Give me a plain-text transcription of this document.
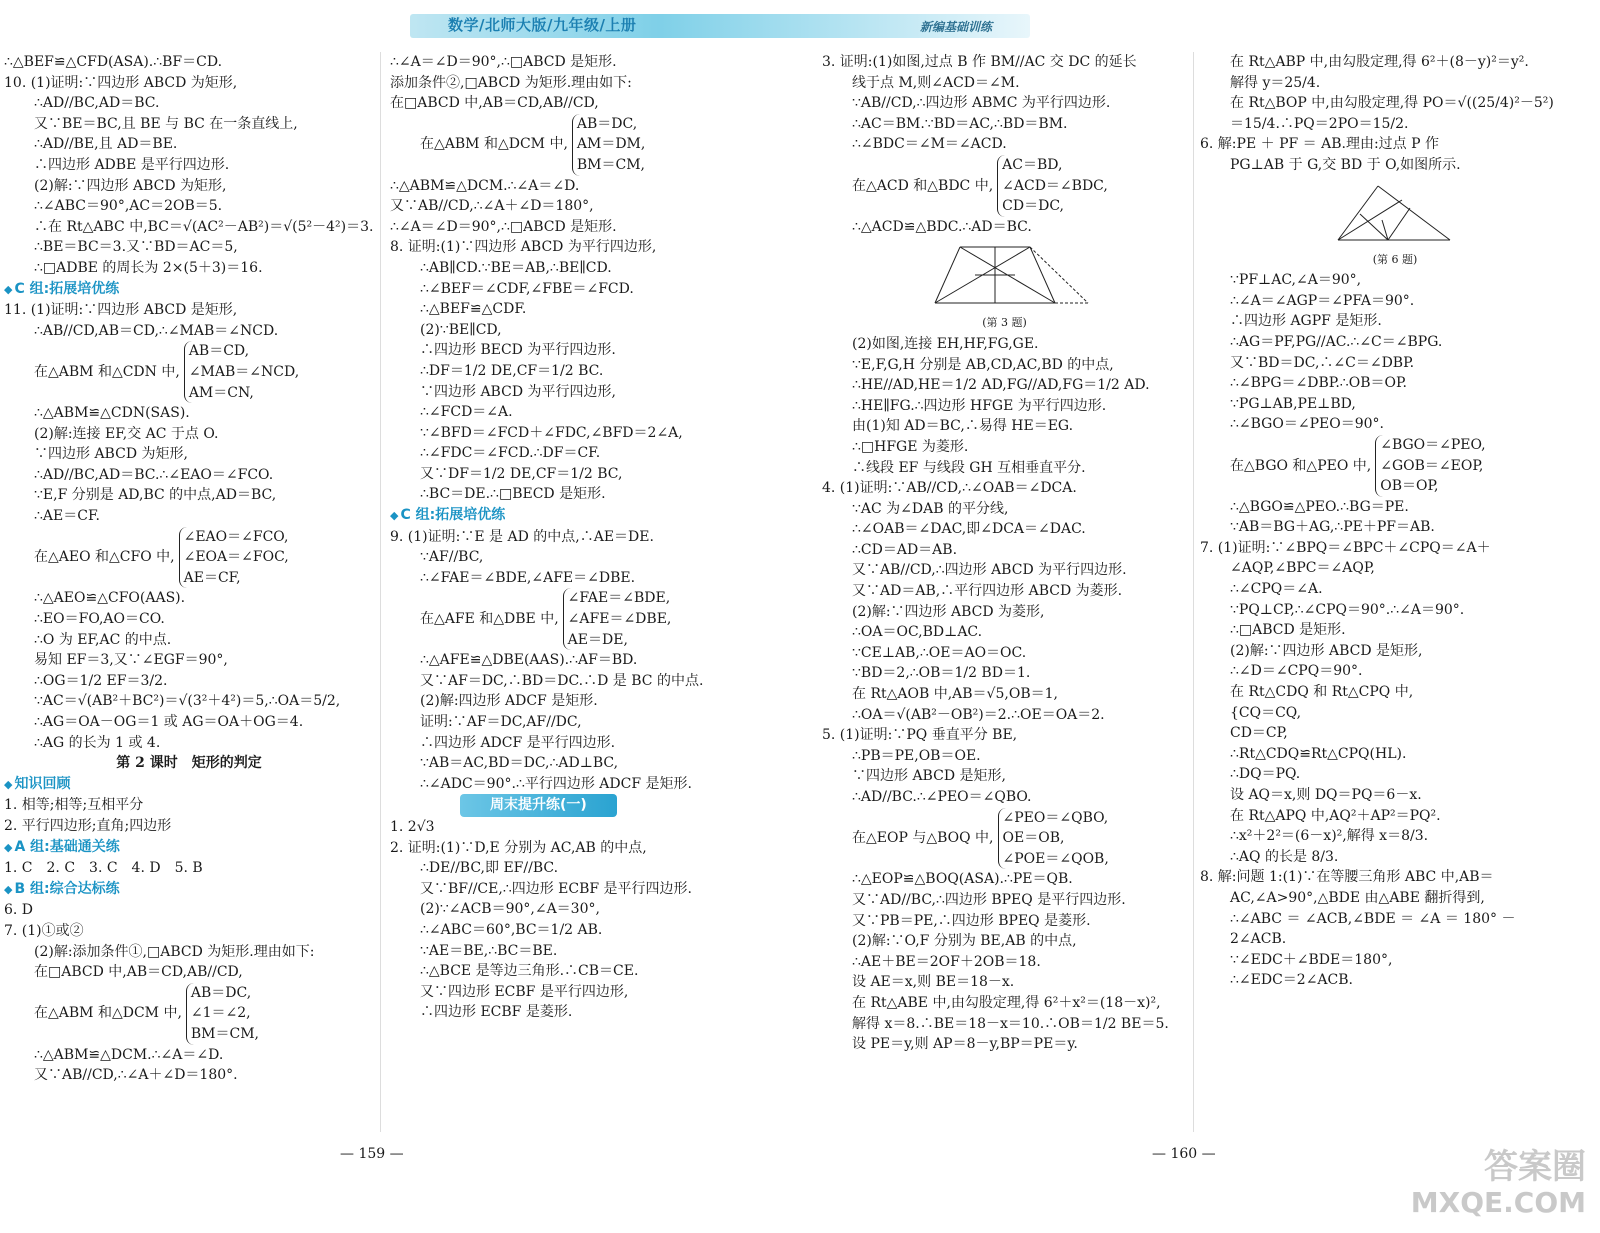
数学/北师大版/九年级/上册	新编基础训练
∴△BEF≌△CFD(ASA).∴BF＝CD.
10. (1)证明:∵四边形 ABCD 为矩形,
∴AD//BC,AD＝BC.
又∵BE＝BC,且 BE 与 BC 在一条直线上,
∴AD//BE,且 AD＝BE.
∴四边形 ADBE 是平行四边形.
(2)解:∵四边形 ABCD 为矩形,
∴∠ABC＝90°,AC＝2OB＝5.
∴在 Rt△ABC 中,BC＝√(AC²－AB²)＝√(5²－4²)＝3.
∴BE＝BC＝3.又∵BD＝AC＝5,
∴□ADBE 的周长为 2×(5＋3)＝16.
◆ C 组:拓展培优练
11. (1)证明:∵四边形 ABCD 是矩形,
∴AB//CD,AB＝CD,∴∠MAB＝∠NCD.
在△ABM 和△CDN 中,
AB＝CD,
∠MAB＝∠NCD,
AM＝CN,
∴△ABM≌△CDN(SAS).
(2)解:连接 EF,交 AC 于点 O.
∵四边形 ABCD 为矩形,
∴AD//BC,AD＝BC.∴∠EAO＝∠FCO.
∵E,F 分别是 AD,BC 的中点,AD＝BC,
∴AE＝CF.
在△AEO 和△CFO 中,
∠EAO＝∠FCO,
∠EOA＝∠FOC,
AE＝CF,
∴△AEO≌△CFO(AAS).
∴EO＝FO,AO＝CO.
∴O 为 EF,AC 的中点.
易知 EF＝3,又∵∠EGF＝90°,
∴OG＝1/2 EF＝3/2.
∵AC＝√(AB²＋BC²)＝√(3²＋4²)＝5,∴OA＝5/2,
∴AG＝OA－OG＝1 或 AG＝OA＋OG＝4.
∴AG 的长为 1 或 4.
第 2 课时　矩形的判定
◆ 知识回顾
1. 相等;相等;互相平分
2. 平行四边形;直角;四边形
◆ A 组:基础通关练
1. C　2. C　3. C　4. D　5. B
◆ B 组:综合达标练
6. D
7. (1)①或②
(2)解:添加条件①,□ABCD 为矩形.理由如下:
在□ABCD 中,AB＝CD,AB//CD,
在△ABM 和△DCM 中,
AB＝DC,
∠1＝∠2,
BM＝CM,
∴△ABM≌△DCM.∴∠A＝∠D.
又∵AB//CD,∴∠A＋∠D＝180°.
∴∠A＝∠D＝90°,∴□ABCD 是矩形.
添加条件②,□ABCD 为矩形.理由如下:
在□ABCD 中,AB＝CD,AB//CD,
在△ABM 和△DCM 中,
AB＝DC,
AM＝DM,
BM＝CM,
∴△ABM≌△DCM.∴∠A＝∠D.
又∵AB//CD,∴∠A＋∠D＝180°,
∴∠A＝∠D＝90°,∴□ABCD 是矩形.
8. 证明:(1)∵四边形 ABCD 为平行四边形,
∴AB∥CD.∵BE＝AB,∴BE∥CD.
∴∠BEF＝∠CDF,∠FBE＝∠FCD.
∴△BEF≌△CDF.
(2)∵BE∥CD,
∴四边形 BECD 为平行四边形.
∴DF＝1/2 DE,CF＝1/2 BC.
∵四边形 ABCD 为平行四边形,
∴∠FCD＝∠A.
∵∠BFD＝∠FCD＋∠FDC,∠BFD＝2∠A,
∴∠FDC＝∠FCD.∴DF＝CF.
又∵DF＝1/2 DE,CF＝1/2 BC,
∴BC＝DE.∴□BECD 是矩形.
◆ C 组:拓展培优练
9. (1)证明:∵E 是 AD 的中点,∴AE＝DE.
∵AF//BC,
∴∠FAE＝∠BDE,∠AFE＝∠DBE.
在△AFE 和△DBE 中,
∠FAE＝∠BDE,
∠AFE＝∠DBE,
AE＝DE,
∴△AFE≌△DBE(AAS).∴AF＝BD.
又∵AF＝DC,∴BD＝DC.∴D 是 BC 的中点.
(2)解:四边形 ADCF 是矩形.
证明:∵AF＝DC,AF//DC,
∴四边形 ADCF 是平行四边形.
∵AB＝AC,BD＝DC,∴AD⊥BC,
∴∠ADC＝90°.∴平行四边形 ADCF 是矩形.
周末提升练(一)
1. 2√3
2. 证明:(1)∵D,E 分别为 AC,AB 的中点,
∴DE//BC,即 EF//BC.
又∵BF//CE,∴四边形 ECBF 是平行四边形.
(2)∵∠ACB＝90°,∠A＝30°,
∴∠ABC＝60°,BC＝1/2 AB.
∵AE＝BE,∴BC＝BE.
∴△BCE 是等边三角形.∴CB＝CE.
又∵四边形 ECBF 是平行四边形,
∴四边形 ECBF 是菱形.
3. 证明:(1)如图,过点 B 作 BM//AC 交 DC 的延长
线于点 M,则∠ACD＝∠M.
∵AB//CD,∴四边形 ABMC 为平行四边形.
∴AC＝BM.∵BD＝AC,∴BD＝BM.
∴∠BDC＝∠M＝∠ACD.
在△ACD 和△BDC 中,
AC＝BD,
∠ACD＝∠BDC,
CD＝DC,
∴△ACD≌△BDC.∴AD＝BC.
(第 3 题)
(2)如图,连接 EH,HF,FG,GE.
∵E,F,G,H 分别是 AB,CD,AC,BD 的中点,
∴HE//AD,HE＝1/2 AD,FG//AD,FG＝1/2 AD.
∴HE∥FG.∴四边形 HFGE 为平行四边形.
由(1)知 AD＝BC,∴易得 HE＝EG.
∴□HFGE 为菱形.
∴线段 EF 与线段 GH 互相垂直平分.
4. (1)证明:∵AB//CD,∴∠OAB＝∠DCA.
∵AC 为∠DAB 的平分线,
∴∠OAB＝∠DAC,即∠DCA＝∠DAC.
∴CD＝AD＝AB.
又∵AB//CD,∴四边形 ABCD 为平行四边形.
又∵AD＝AB,∴平行四边形 ABCD 为菱形.
(2)解:∵四边形 ABCD 为菱形,
∴OA＝OC,BD⊥AC.
∵CE⊥AB,∴OE＝AO＝OC.
∵BD＝2,∴OB＝1/2 BD＝1.
在 Rt△AOB 中,AB＝√5,OB＝1,
∴OA＝√(AB²－OB²)＝2.∴OE＝OA＝2.
5. (1)证明:∵PQ 垂直平分 BE,
∴PB＝PE,OB＝OE.
∵四边形 ABCD 是矩形,
∴AD//BC.∴∠PEO＝∠QBO.
在△EOP 与△BOQ 中,
∠PEO＝∠QBO,
OE＝OB,
∠POE＝∠QOB,
∴△EOP≌△BOQ(ASA).∴PE＝QB.
又∵AD//BC,∴四边形 BPEQ 是平行四边形.
又∵PB＝PE,∴四边形 BPEQ 是菱形.
(2)解:∵O,F 分别为 BE,AB 的中点,
∴AE＋BE＝2OF＋2OB＝18.
设 AE＝x,则 BE＝18－x.
在 Rt△ABE 中,由勾股定理,得 6²＋x²＝(18－x)²,
解得 x＝8.∴BE＝18－x＝10.∴OB＝1/2 BE＝5.
设 PE＝y,则 AP＝8－y,BP＝PE＝y.
在 Rt△ABP 中,由勾股定理,得 6²＋(8－y)²＝y².
解得 y＝25/4.
在 Rt△BOP 中,由勾股定理,得 PO＝√((25/4)²－5²)
＝15/4.∴PQ＝2PO＝15/2.
6. 解:PE ＋ PF ＝ AB.理由:过点 P 作
PG⊥AB 于 G,交 BD 于 O,如图所示.
(第 6 题)
∵PF⊥AC,∠A＝90°,
∴∠A＝∠AGP＝∠PFA＝90°.
∴四边形 AGPF 是矩形.
∴AG＝PF,PG//AC.∴∠C＝∠BPG.
又∵BD＝DC,∴∠C＝∠DBP.
∴∠BPG＝∠DBP.∴OB＝OP.
∵PG⊥AB,PE⊥BD,
∴∠BGO＝∠PEO＝90°.
在△BGO 和△PEO 中,
∠BGO＝∠PEO,
∠GOB＝∠EOP,
OB＝OP,
∴△BGO≌△PEO.∴BG＝PE.
∵AB＝BG＋AG,∴PE＋PF＝AB.
7. (1)证明:∵∠BPQ＝∠BPC＋∠CPQ＝∠A＋
∠AQP,∠BPC＝∠AQP,
∴∠CPQ＝∠A.
∵PQ⊥CP,∴∠CPQ＝90°.∴∠A＝90°.
∴□ABCD 是矩形.
(2)解:∵四边形 ABCD 是矩形,
∴∠D＝∠CPQ＝90°.
在 Rt△CDQ 和 Rt△CPQ 中,
{CQ＝CQ,
CD＝CP,
∴Rt△CDQ≌Rt△CPQ(HL).
∴DQ＝PQ.
设 AQ＝x,则 DQ＝PQ＝6－x.
在 Rt△APQ 中,AQ²＋AP²＝PQ².
∴x²＋2²＝(6－x)²,解得 x＝8/3.
∴AQ 的长是 8/3.
8. 解:问题 1:(1)∵在等腰三角形 ABC 中,AB＝
AC,∠A>90°,△BDE 由△ABE 翻折得到,
∴∠ABC ＝ ∠ACB,∠BDE ＝ ∠A ＝ 180° －
2∠ACB.
∵∠EDC＋∠BDE＝180°,
∴∠EDC＝2∠ACB.
— 159 —	— 160 —	答案圈
MXQE.COM
